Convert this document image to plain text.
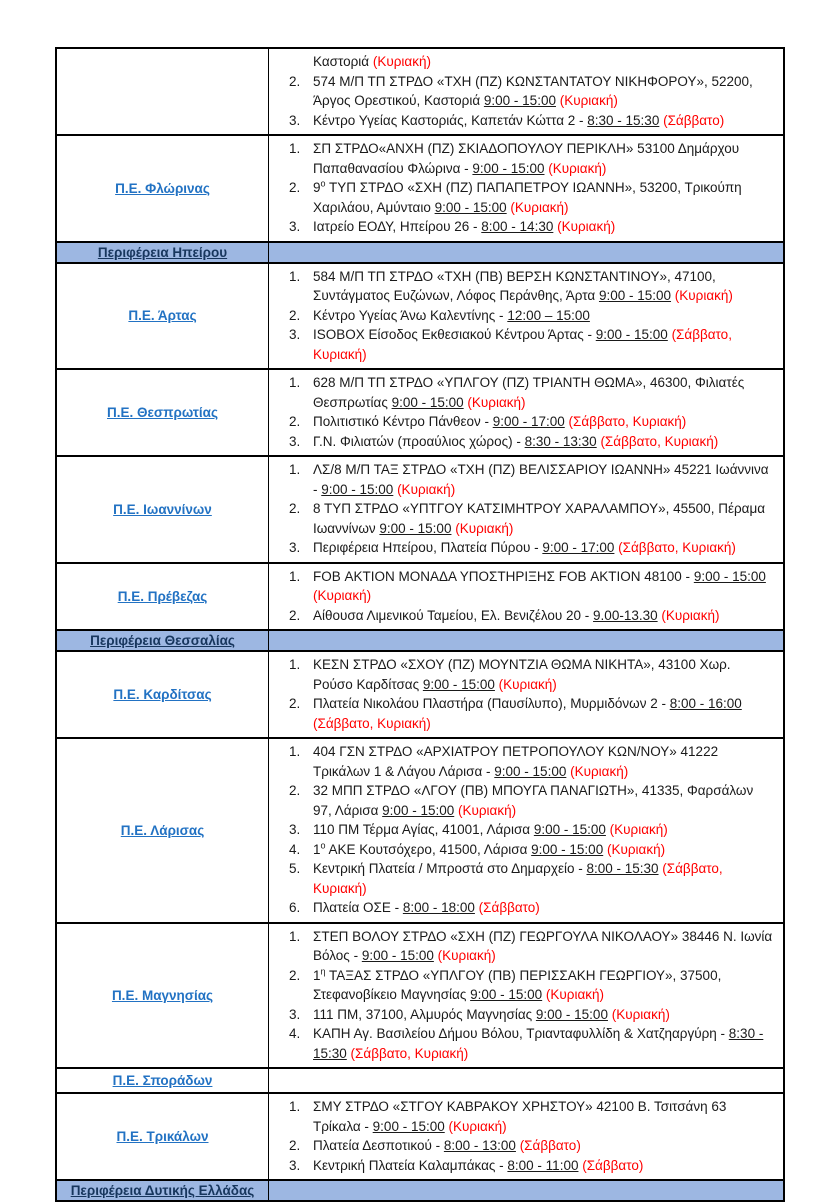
Καστοριά (Κυριακή)
2. 574 Μ/Π ΤΠ ΣΤΡΔΟ «ΤΧΗ (ΠΖ) ΚΩΝΣΤΑΝΤΑΤΟΥ ΝΙΚΗΦΟΡΟΥ», 52200, Άργος Ορεστικού, Καστοριά 9:00 - 15:00 (Κυριακή)
3. Κέντρο Υγείας Καστοριάς, Καπετάν Κώττα 2 - 8:30 - 15:30 (Σάββατο)
Π.Ε. Φλώρινας
1. ΣΠ ΣΤΡΔΟ«ΑΝΧΗ (ΠΖ) ΣΚΙΑΔΟΠΟΥΛΟΥ ΠΕΡΙΚΛΗ» 53100 Δημάρχου Παπαθανασίου Φλώρινα - 9:00 - 15:00 (Κυριακή)
2. $9^o$ ΤΥΠ ΣΤΡΔΟ «ΣΧΗ (ΠΖ) ΠΑΠΑΠΕΤΡΟΥ ΙΩΑΝΝΗ», 53200, Τρικούπη Χαριλάου, Αμύνταιο 9:00 - 15:00 (Κυριακή)
3. Ιατρείο ΕΟΔΥ, Ηπείρου 26 - 8:00 - 14:30 (Κυριακή)
Περιφέρεια Ηπείρου
Π.Ε. Άρτας
1. 584 Μ/Π ΤΠ ΣΤΡΔΟ «ΤΧΗ (ΠΒ) ΒΕΡΣΗ ΚΩΝΣΤΑΝΤΙΝΟΥ», 47100, Συντάγματος Ευζώνων, Λόφος Περάνθης, Άρτα 9:00 - 15:00 (Κυριακή)
2. Κέντρο Υγείας Άνω Καλεντίνης - 12:00 – 15:00
3. ISOBOX Είσοδος Εκθεσιακού Κέντρου Άρτας - 9:00 - 15:00 (Σάββατο, Κυριακή)
Π.Ε. Θεσπρωτίας
1. 628 Μ/Π ΤΠ ΣΤΡΔΟ «ΥΠΛΓΟΥ (ΠΖ) ΤΡΙΑΝΤΗ ΘΩΜΑ», 46300, Φιλιατές Θεσπρωτίας 9:00 - 15:00 (Κυριακή)
2. Πολιτιστικό Κέντρο Πάνθεον - 9:00 - 17:00 (Σάββατο, Κυριακή)
3. Γ.Ν. Φιλιατών (προαύλιος χώρος) - 8:30 - 13:30 (Σάββατο, Κυριακή)
Π.Ε. Ιωαννίνων
1. ΛΣ/8 Μ/Π ΤΑΞ ΣΤΡΔΟ «ΤΧΗ (ΠΖ) ΒΕΛΙΣΣΑΡΙΟΥ ΙΩΑΝΝΗ» 45221 Ιωάννινα - 9:00 - 15:00 (Κυριακή)
2. 8 ΤΥΠ ΣΤΡΔΟ «ΥΠΤΓΟΥ ΚΑΤΣΙΜΗΤΡΟΥ ΧΑΡΑΛΑΜΠΟΥ», 45500, Πέραμα Ιωαννίνων 9:00 - 15:00 (Κυριακή)
3. Περιφέρεια Ηπείρου, Πλατεία Πύρου - 9:00 - 17:00 (Σάββατο, Κυριακή)
Π.Ε. Πρέβεζας
1. FOB ΑΚΤΙΟΝ ΜΟΝΑΔΑ ΥΠΟΣΤΗΡΙΞΗΣ FOB ΑΚΤΙΟΝ 48100 - 9:00 - 15:00 (Κυριακή)
2. Αίθουσα Λιμενικού Ταμείου, Ελ. Βενιζέλου 20 - 9.00-13.30 (Κυριακή)
Περιφέρεια Θεσσαλίας
Π.Ε. Καρδίτσας
1. ΚΕΣΝ ΣΤΡΔΟ «ΣΧΟΥ (ΠΖ) ΜΟΥΝΤΖΙΑ ΘΩΜΑ ΝΙΚΗΤΑ», 43100 Χωρ. Ρούσο Καρδίτσας 9:00 - 15:00 (Κυριακή)
2. Πλατεία Νικολάου Πλαστήρα (Παυσίλυπο), Μυρμιδόνων 2 - 8:00 - 16:00 (Σάββατο, Κυριακή)
Π.Ε. Λάρισας
1. 404 ΓΣΝ ΣΤΡΔΟ «ΑΡΧΙΑΤΡΟΥ ΠΕΤΡΟΠΟΥΛΟΥ ΚΩΝ/ΝΟΥ» 41222 Τρικάλων 1 & Λάγου Λάρισα - 9:00 - 15:00 (Κυριακή)
2. 32 ΜΠΠ ΣΤΡΔΟ «ΛΓΟΥ (ΠΒ) ΜΠΟΥΓΑ ΠΑΝΑΓΙΩΤΗ», 41335, Φαρσάλων 97, Λάρισα 9:00 - 15:00 (Κυριακή)
3. 110 ΠΜ Τέρμα Αγίας, 41001, Λάρισα 9:00 - 15:00 (Κυριακή)
4. $1^o$ ΑΚΕ Κουτσόχερο, 41500, Λάρισα 9:00 - 15:00 (Κυριακή)
5. Κεντρική Πλατεία / Μπροστά στο Δημαρχείο - 8:00 - 15:30 (Σάββατο, Κυριακή)
6. Πλατεία ΟΣΕ - 8:00 - 18:00 (Σάββατο)
Π.Ε. Μαγνησίας
1. ΣΤΕΠ ΒΟΛΟΥ ΣΤΡΔΟ «ΣΧΗ (ΠΖ) ΓΕΩΡΓΟΥΛΑ ΝΙΚΟΛΑΟΥ» 38446 Ν. Ιωνία Βόλος - 9:00 - 15:00 (Κυριακή)
2. $1^\eta$ ΤΑΞΑΣ ΣΤΡΔΟ «ΥΠΛΓΟΥ (ΠΒ) ΠΕΡΙΣΣΑΚΗ ΓΕΩΡΓΙΟΥ», 37500, Στεφανοβίκειο Μαγνησίας 9:00 - 15:00 (Κυριακή)
3. 111 ΠΜ, 37100, Αλμυρός Μαγνησίας 9:00 - 15:00 (Κυριακή)
4. ΚΑΠΗ Αγ. Βασιλείου Δήμου Βόλου, Τριανταφυλλίδη & Χατζηαργύρη - 8:30 - 15:30 (Σάββατο, Κυριακή)
Π.Ε. Σποράδων
Π.Ε. Τρικάλων
1. ΣΜΥ ΣΤΡΔΟ «ΣΤΓΟΥ ΚΑΒΡΑΚΟΥ ΧΡΗΣΤΟΥ» 42100 Β. Τσιτσάνη 63 Τρίκαλα - 9:00 - 15:00 (Κυριακή)
2. Πλατεία Δεσποτικού - 8:00 - 13:00 (Σάββατο)
3. Κεντρική Πλατεία Καλαμπάκας - 8:00 - 11:00 (Σάββατο)
Περιφέρεια Δυτικής Ελλάδας
